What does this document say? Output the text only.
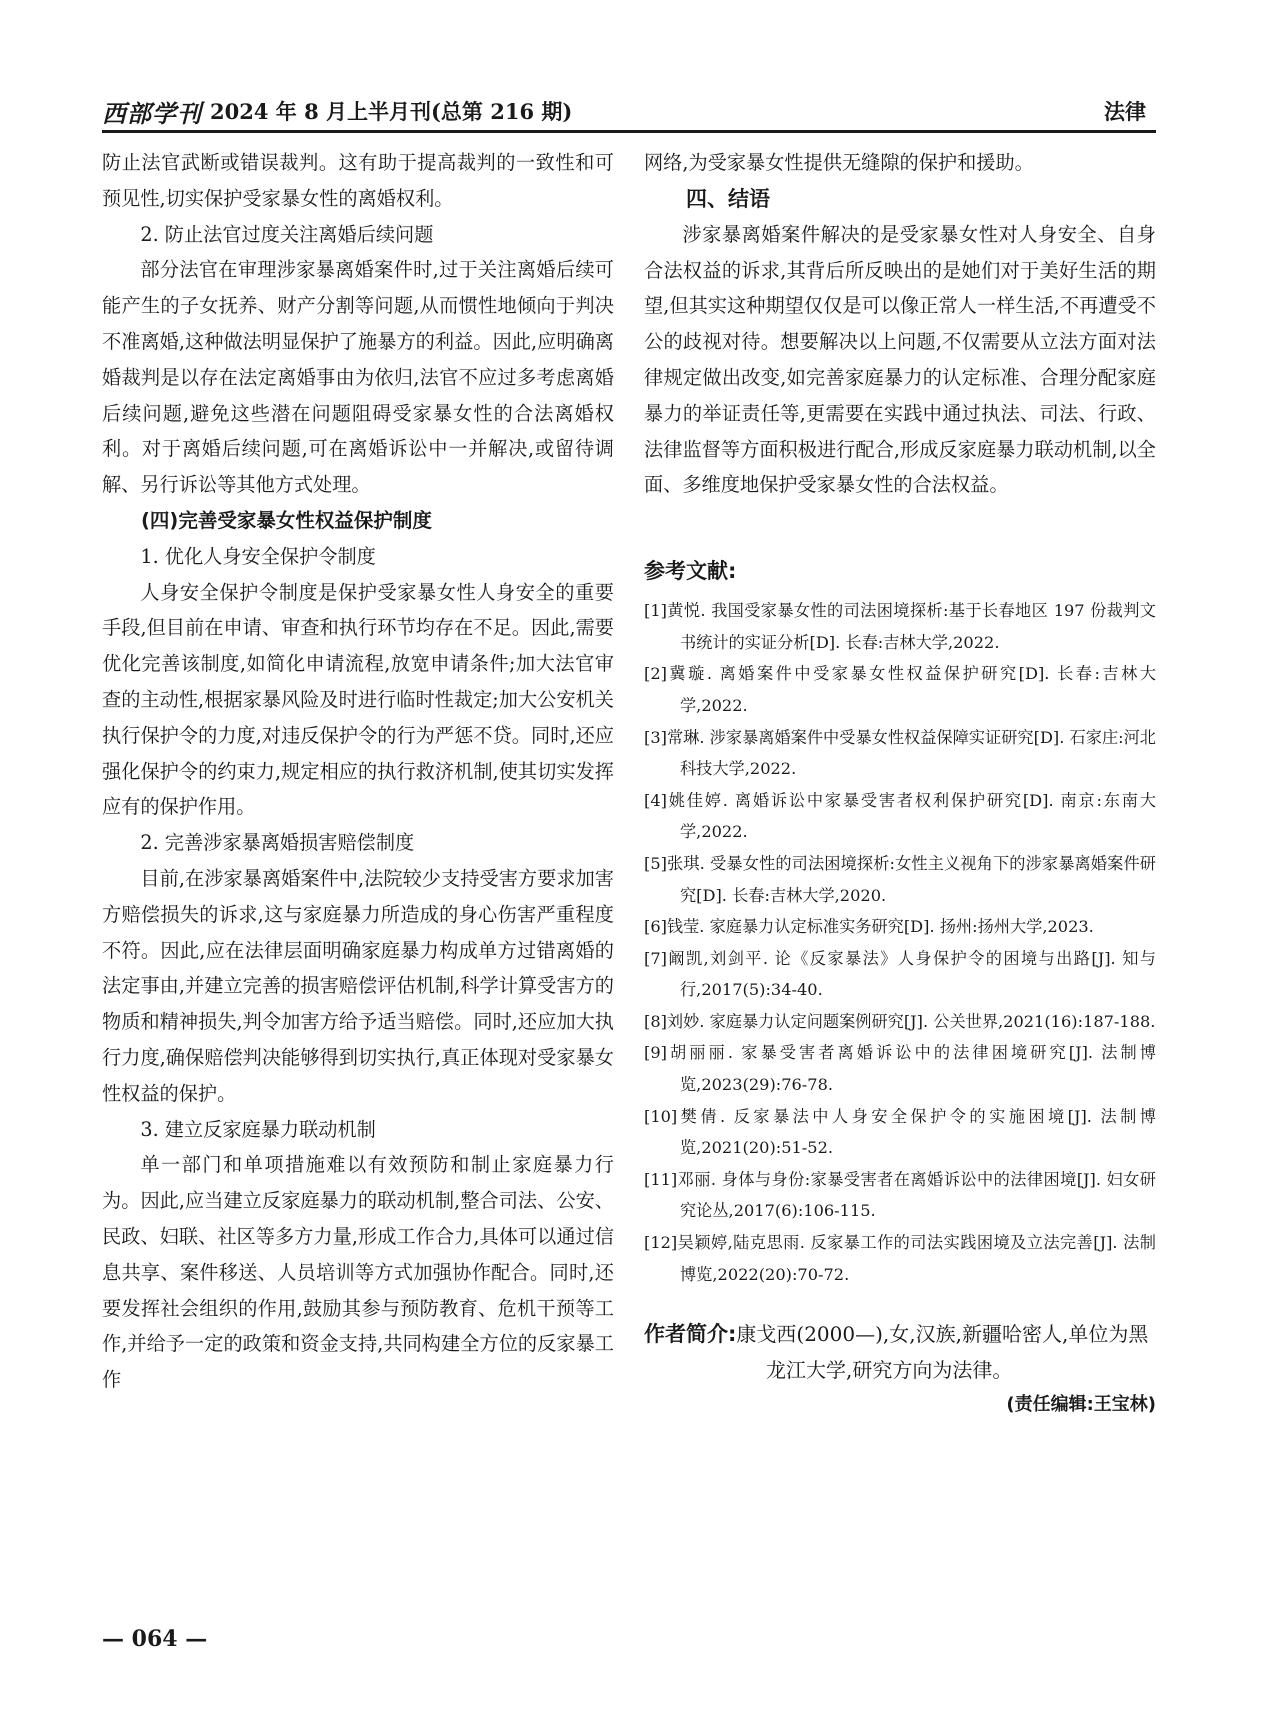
西部学刊 2024 年 8 月上半月刊(总第 216 期)	法律

防止法官武断或错误裁判。这有助于提高裁判的一致性和可预见性,切实保护受家暴女性的离婚权利。

2. 防止法官过度关注离婚后续问题

部分法官在审理涉家暴离婚案件时,过于关注离婚后续可能产生的子女抚养、财产分割等问题,从而惯性地倾向于判决不准离婚,这种做法明显保护了施暴方的利益。因此,应明确离婚裁判是以存在法定离婚事由为依归,法官不应过多考虑离婚后续问题,避免这些潜在问题阻碍受家暴女性的合法离婚权利。对于离婚后续问题,可在离婚诉讼中一并解决,或留待调解、另行诉讼等其他方式处理。

(四)完善受家暴女性权益保护制度

1. 优化人身安全保护令制度

人身安全保护令制度是保护受家暴女性人身安全的重要手段,但目前在申请、审查和执行环节均存在不足。因此,需要优化完善该制度,如简化申请流程,放宽申请条件;加大法官审查的主动性,根据家暴风险及时进行临时性裁定;加大公安机关执行保护令的力度,对违反保护令的行为严惩不贷。同时,还应强化保护令的约束力,规定相应的执行救济机制,使其切实发挥应有的保护作用。

2. 完善涉家暴离婚损害赔偿制度

目前,在涉家暴离婚案件中,法院较少支持受害方要求加害方赔偿损失的诉求,这与家庭暴力所造成的身心伤害严重程度不符。因此,应在法律层面明确家庭暴力构成单方过错离婚的法定事由,并建立完善的损害赔偿评估机制,科学计算受害方的物质和精神损失,判令加害方给予适当赔偿。同时,还应加大执行力度,确保赔偿判决能够得到切实执行,真正体现对受家暴女性权益的保护。

3. 建立反家庭暴力联动机制

单一部门和单项措施难以有效预防和制止家庭暴力行为。因此,应当建立反家庭暴力的联动机制,整合司法、公安、民政、妇联、社区等多方力量,形成工作合力,具体可以通过信息共享、案件移送、人员培训等方式加强协作配合。同时,还要发挥社会组织的作用,鼓励其参与预防教育、危机干预等工作,并给予一定的政策和资金支持,共同构建全方位的反家暴工作

网络,为受家暴女性提供无缝隙的保护和援助。

四、结语

涉家暴离婚案件解决的是受家暴女性对人身安全、自身合法权益的诉求,其背后所反映出的是她们对于美好生活的期望,但其实这种期望仅仅是可以像正常人一样生活,不再遭受不公的歧视对待。想要解决以上问题,不仅需要从立法方面对法律规定做出改变,如完善家庭暴力的认定标准、合理分配家庭暴力的举证责任等,更需要在实践中通过执法、司法、行政、法律监督等方面积极进行配合,形成反家庭暴力联动机制,以全面、多维度地保护受家暴女性的合法权益。

参考文献:

[1]黄悦. 我国受家暴女性的司法困境探析:基于长春地区 197 份裁判文书统计的实证分析[D]. 长春:吉林大学,2022.

[2]冀璇. 离婚案件中受家暴女性权益保护研究[D]. 长春:吉林大学,2022.

[3]常琳. 涉家暴离婚案件中受暴女性权益保障实证研究[D]. 石家庄:河北科技大学,2022.

[4]姚佳婷. 离婚诉讼中家暴受害者权利保护研究[D]. 南京:东南大学,2022.

[5]张琪. 受暴女性的司法困境探析:女性主义视角下的涉家暴离婚案件研究[D]. 长春:吉林大学,2020.

[6]钱莹. 家庭暴力认定标准实务研究[D]. 扬州:扬州大学,2023.

[7]阚凯,刘剑平. 论《反家暴法》人身保护令的困境与出路[J]. 知与行,2017(5):34-40.

[8]刘妙. 家庭暴力认定问题案例研究[J]. 公关世界,2021(16):187-188.

[9]胡丽丽. 家暴受害者离婚诉讼中的法律困境研究[J]. 法制博览,2023(29):76-78.

[10]樊倩. 反家暴法中人身安全保护令的实施困境[J]. 法制博览,2021(20):51-52.

[11]邓丽. 身体与身份:家暴受害者在离婚诉讼中的法律困境[J]. 妇女研究论丛,2017(6):106-115.

[12]吴颖婷,陆克思雨. 反家暴工作的司法实践困境及立法完善[J]. 法制博览,2022(20):70-72.

作者简介:康戈西(2000—),女,汉族,新疆哈密人,单位为黑龙江大学,研究方向为法律。
(责任编辑:王宝林)
— 064 —
